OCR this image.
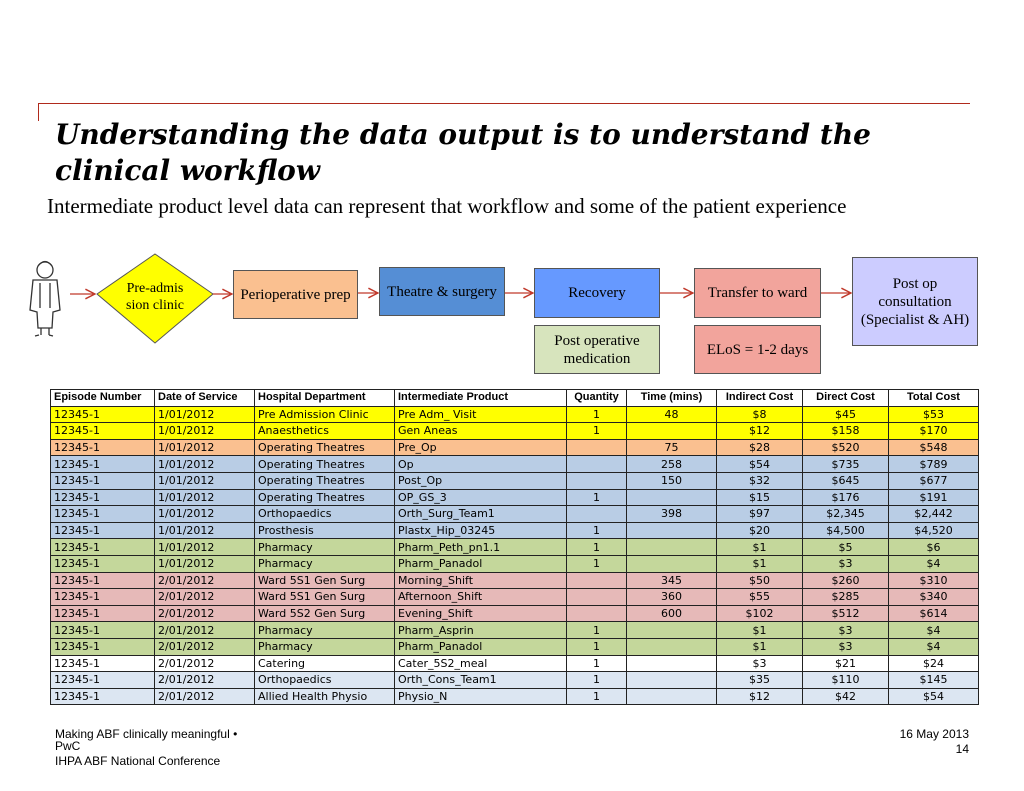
Understanding the data output is to understand the clinical workflow

Intermediate product level data can represent that workflow and some of the patient experience

Pre-admis sion clinic
Perioperative prep	Theatre & surgery	Recovery	Transfer to ward
Post op consultation (Specialist & AH)
Post operative medication
ELoS = 1-2 days
Episode Number	Date of Service	Hospital Department	Intermediate Product	Quantity	Time (mins)	Indirect Cost	Direct Cost	Total Cost
12345-1	1/01/2012	Pre Admission Clinic	Pre Adm_ Visit	1	48	$8	$45	$53
12345-1	1/01/2012	Anaesthetics	Gen Aneas	1		$12	$158	$170
12345-1	1/01/2012	Operating Theatres	Pre_Op		75	$28	$520	$548
12345-1	1/01/2012	Operating Theatres	Op		258	$54	$735	$789
12345-1	1/01/2012	Operating Theatres	Post_Op		150	$32	$645	$677
12345-1	1/01/2012	Operating Theatres	OP_GS_3	1		$15	$176	$191
12345-1	1/01/2012	Orthopaedics	Orth_Surg_Team1		398	$97	$2,345	$2,442
12345-1	1/01/2012	Prosthesis	Plastx_Hip_03245	1		$20	$4,500	$4,520
12345-1	1/01/2012	Pharmacy	Pharm_Peth_pn1.1	1		$1	$5	$6
12345-1	1/01/2012	Pharmacy	Pharm_Panadol	1		$1	$3	$4
12345-1	2/01/2012	Ward 5S1 Gen Surg	Morning_Shift		345	$50	$260	$310
12345-1	2/01/2012	Ward 5S1 Gen Surg	Afternoon_Shift		360	$55	$285	$340
12345-1	2/01/2012	Ward 5S2 Gen Surg	Evening_Shift		600	$102	$512	$614
12345-1	2/01/2012	Pharmacy	Pharm_Asprin	1		$1	$3	$4
12345-1	2/01/2012	Pharmacy	Pharm_Panadol	1		$1	$3	$4
12345-1	2/01/2012	Catering	Cater_5S2_meal	1		$3	$21	$24
12345-1	2/01/2012	Orthopaedics	Orth_Cons_Team1	1		$35	$110	$145
12345-1	2/01/2012	Allied Health Physio	Physio_N	1		$12	$42	$54
Making ABF clinically meaningful •
PwC
IHPA ABF National Conference
16 May 2013
14
